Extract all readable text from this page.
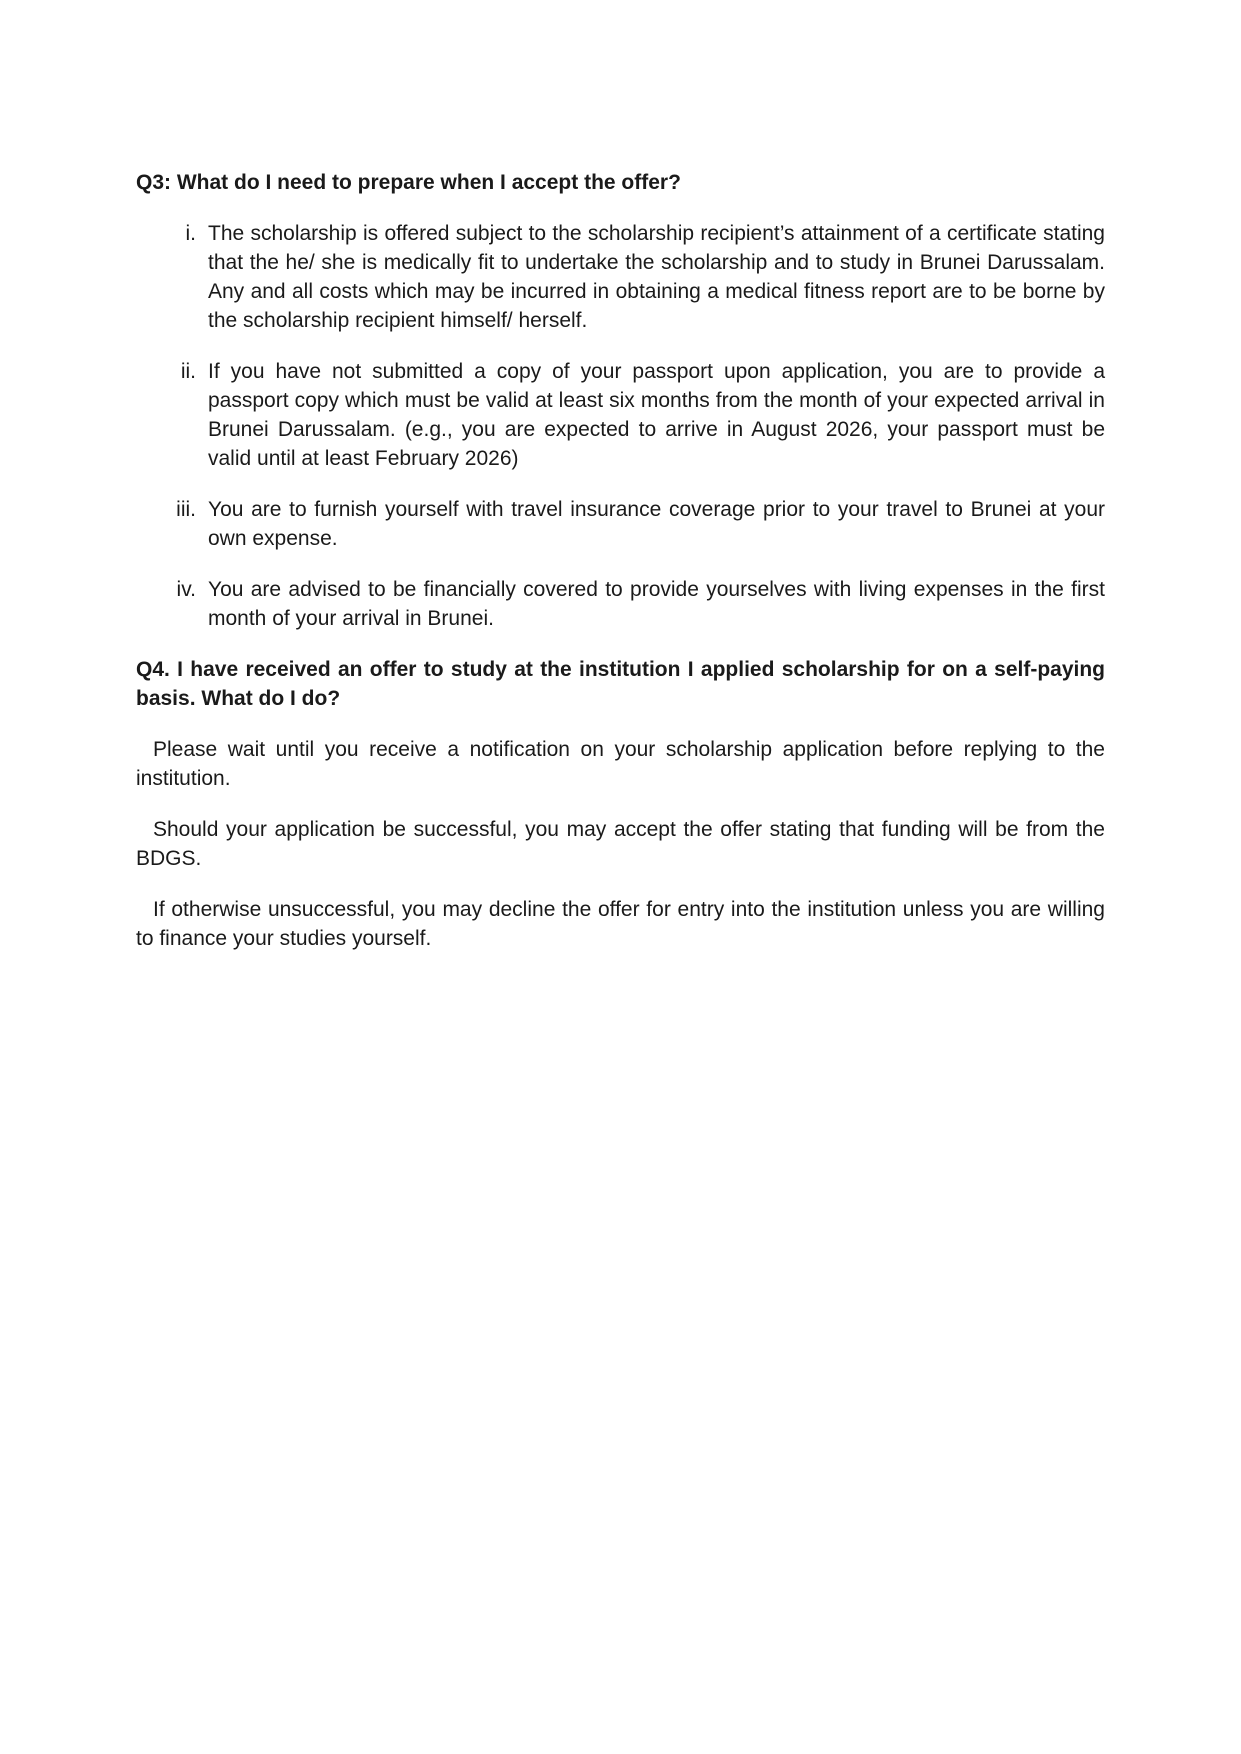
Q3: What do I need to prepare when I accept the offer?

i. The scholarship is offered subject to the scholarship recipient’s attainment of a certificate stating that the he/ she is medically fit to undertake the scholarship and to study in Brunei Darussalam. Any and all costs which may be incurred in obtaining a medical fitness report are to be borne by the scholarship recipient himself/ herself.
ii. If you have not submitted a copy of your passport upon application, you are to provide a passport copy which must be valid at least six months from the month of your expected arrival in Brunei Darussalam. (e.g., you are expected to arrive in August 2026, your passport must be valid until at least February 2026)
iii. You are to furnish yourself with travel insurance coverage prior to your travel to Brunei at your own expense.
iv. You are advised to be financially covered to provide yourselves with living expenses in the first month of your arrival in Brunei.

Q4. I have received an offer to study at the institution I applied scholarship for on a self-paying basis. What do I do?

Please wait until you receive a notification on your scholarship application before replying to the institution.

Should your application be successful, you may accept the offer stating that funding will be from the BDGS.

If otherwise unsuccessful, you may decline the offer for entry into the institution unless you are willing to finance your studies yourself.
